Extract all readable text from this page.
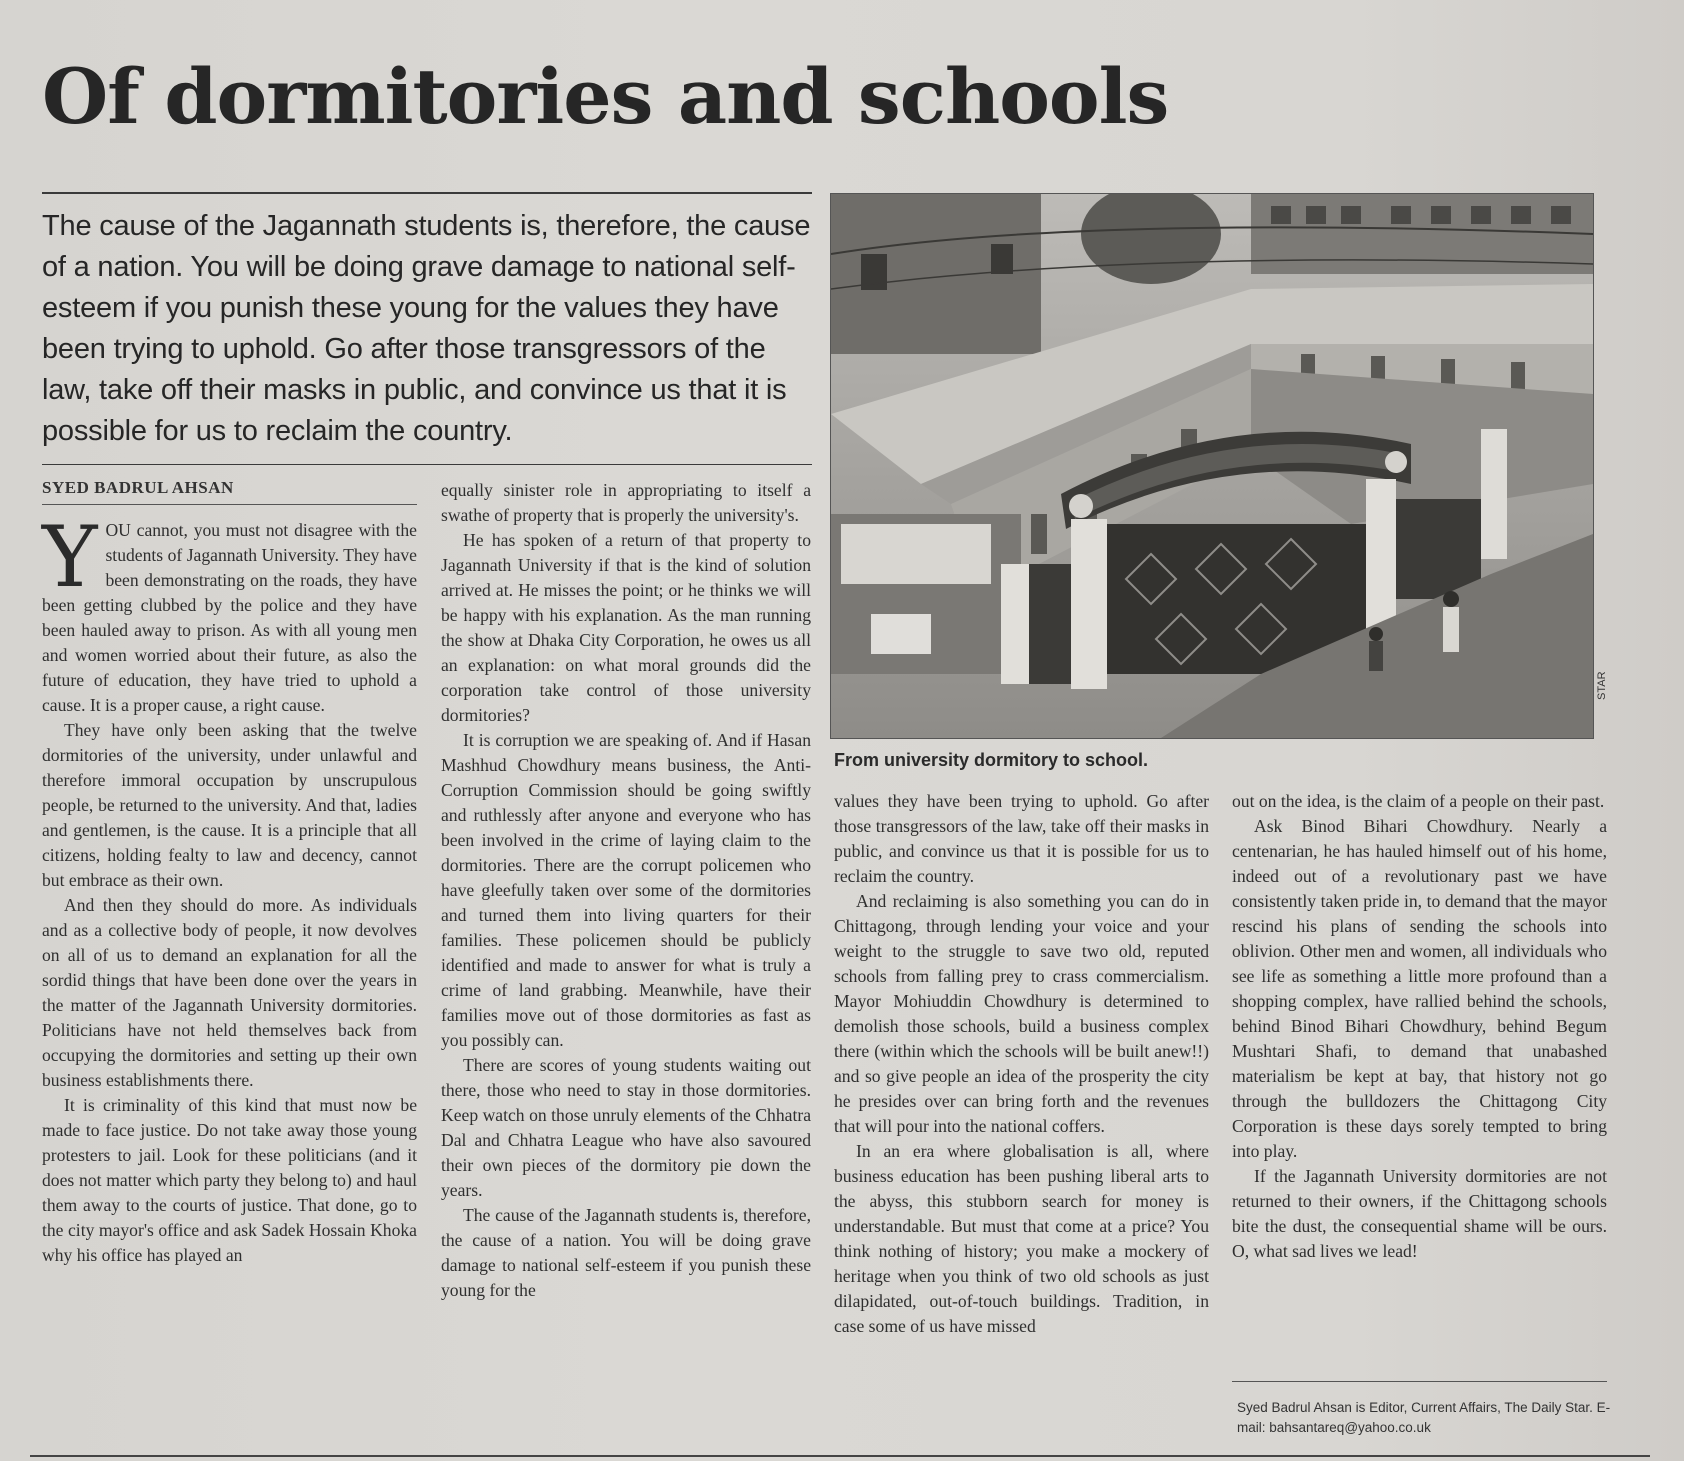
Of dormitories and schools

The cause of the Jagannath students is, therefore, the cause of a nation. You will be doing grave damage to national self-esteem if you punish these young for the values they have been trying to uphold. Go after those transgressors of the law, take off their masks in public, and convince us that it is possible for us to reclaim the country.

SYED BADRUL AHSAN

YOU cannot, you must not disagree with the students of Jagannath University. They have been demonstrating on the roads, they have been getting clubbed by the police and they have been hauled away to prison. As with all young men and women worried about their future, as also the future of education, they have tried to uphold a cause. It is a proper cause, a right cause.

They have only been asking that the twelve dormitories of the university, under unlawful and therefore immoral occupation by unscrupulous people, be returned to the university. And that, ladies and gentlemen, is the cause. It is a principle that all citizens, holding fealty to law and decency, cannot but embrace as their own.

And then they should do more. As individuals and as a collective body of people, it now devolves on all of us to demand an explanation for all the sordid things that have been done over the years in the matter of the Jagannath University dormitories. Politicians have not held themselves back from occupying the dormitories and setting up their own business establishments there.

It is criminality of this kind that must now be made to face justice. Do not take away those young protesters to jail. Look for these politicians (and it does not matter which party they belong to) and haul them away to the courts of justice. That done, go to the city mayor's office and ask Sadek Hossain Khoka why his office has played an

equally sinister role in appropriating to itself a swathe of property that is properly the university's.

He has spoken of a return of that property to Jagannath University if that is the kind of solution arrived at. He misses the point; or he thinks we will be happy with his explanation. As the man running the show at Dhaka City Corporation, he owes us all an explanation: on what moral grounds did the corporation take control of those university dormitories?

It is corruption we are speaking of. And if Hasan Mashhud Chowdhury means business, the Anti-Corruption Commission should be going swiftly and ruthlessly after anyone and everyone who has been involved in the crime of laying claim to the dormitories. There are the corrupt policemen who have gleefully taken over some of the dormitories and turned them into living quarters for their families. These policemen should be publicly identified and made to answer for what is truly a crime of land grabbing. Meanwhile, have their families move out of those dormitories as fast as you possibly can.

There are scores of young students waiting out there, those who need to stay in those dormitories. Keep watch on those unruly elements of the Chhatra Dal and Chhatra League who have also savoured their own pieces of the dormitory pie down the years.

The cause of the Jagannath students is, therefore, the cause of a nation. You will be doing grave damage to national self-esteem if you punish these young for the

STAR
From university dormitory to school.

values they have been trying to uphold. Go after those transgressors of the law, take off their masks in public, and convince us that it is possible for us to reclaim the country.

And reclaiming is also something you can do in Chittagong, through lending your voice and your weight to the struggle to save two old, reputed schools from falling prey to crass commercialism. Mayor Mohiuddin Chowdhury is determined to demolish those schools, build a business complex there (within which the schools will be built anew!!) and so give people an idea of the prosperity the city he presides over can bring forth and the revenues that will pour into the national coffers.

In an era where globalisation is all, where business education has been pushing liberal arts to the abyss, this stubborn search for money is understandable. But must that come at a price? You think nothing of history; you make a mockery of heritage when you think of two old schools as just dilapidated, out-of-touch buildings. Tradition, in case some of us have missed

out on the idea, is the claim of a people on their past.

Ask Binod Bihari Chowdhury. Nearly a centenarian, he has hauled himself out of his home, indeed out of a revolutionary past we have consistently taken pride in, to demand that the mayor rescind his plans of sending the schools into oblivion. Other men and women, all individuals who see life as something a little more profound than a shopping complex, have rallied behind the schools, behind Binod Bihari Chowdhury, behind Begum Mushtari Shafi, to demand that unabashed materialism be kept at bay, that history not go through the bulldozers the Chittagong City Corporation is these days sorely tempted to bring into play.

If the Jagannath University dormitories are not returned to their owners, if the Chittagong schools bite the dust, the consequential shame will be ours. O, what sad lives we lead!

Syed Badrul Ahsan is Editor, Current Affairs, The Daily Star. E-mail: bahsantareq@yahoo.co.uk
